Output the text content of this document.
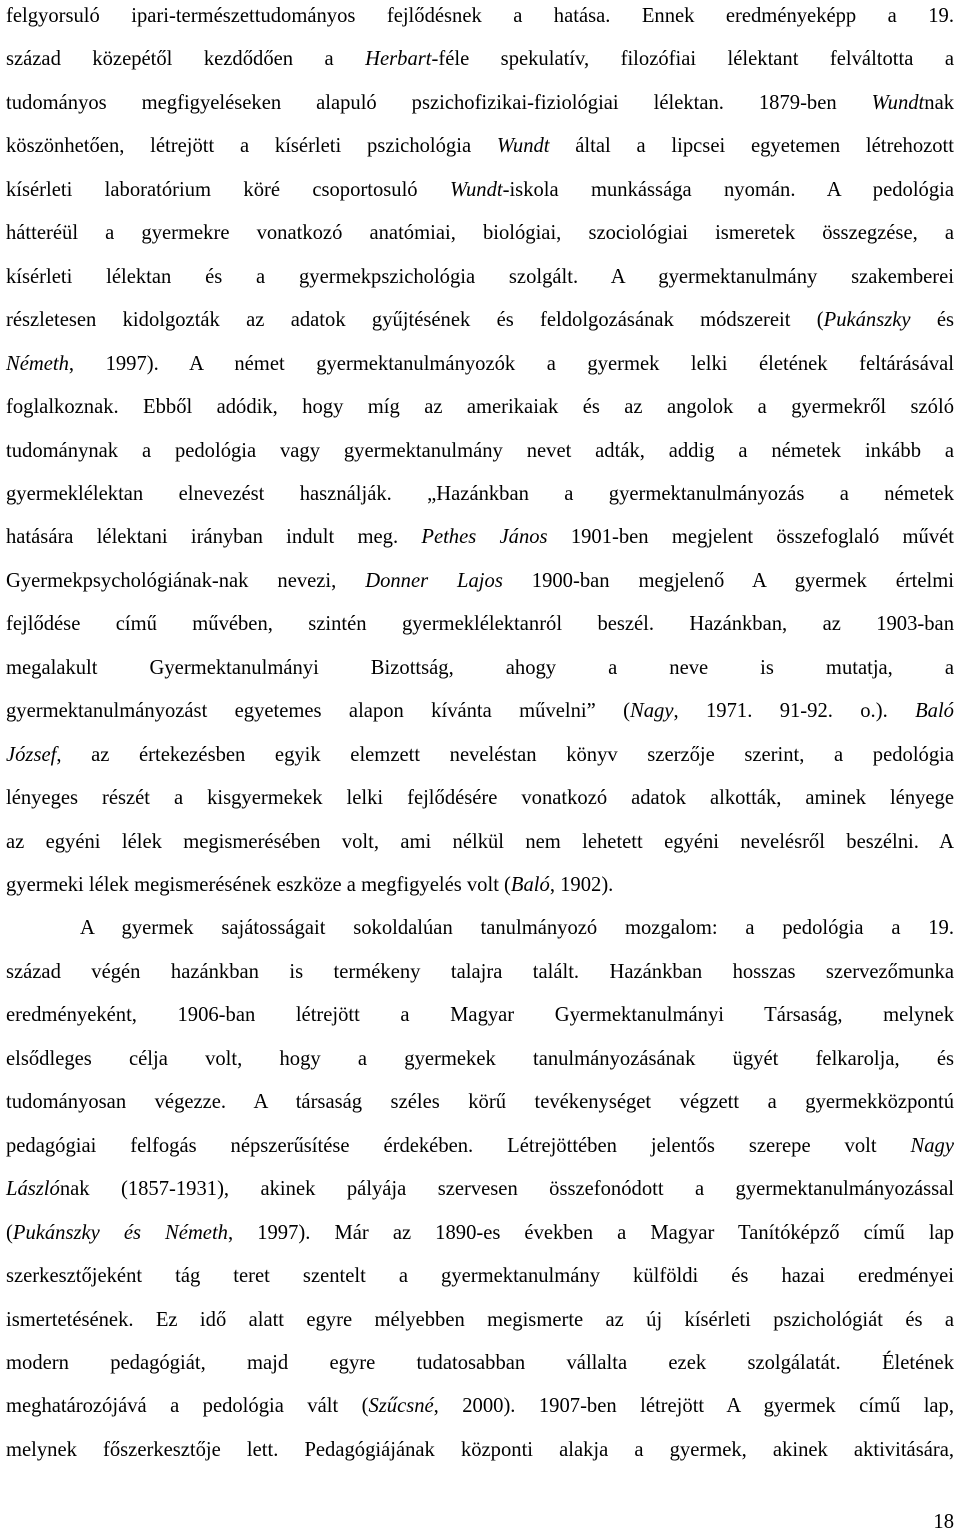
felgyorsuló ipari-természettudományos fejlődésnek a hatása. Ennek eredményeképp a 19.
század közepétől kezdődően a Herbart-féle spekulatív, filozófiai lélektant felváltotta a
tudományos megfigyeléseken alapuló pszichofizikai-fiziológiai lélektan. 1879-ben Wundtnak
köszönhetően, létrejött a kísérleti pszichológia Wundt által a lipcsei egyetemen létrehozott
kísérleti laboratórium köré csoportosuló Wundt-iskola munkássága nyomán. A pedológia
hátteréül a gyermekre vonatkozó anatómiai, biológiai, szociológiai ismeretek összegzése, a
kísérleti lélektan és a gyermekpszichológia szolgált. A gyermektanulmány szakemberei
részletesen kidolgozták az adatok gyűjtésének és feldolgozásának módszereit (Pukánszky és
Németh, 1997). A német gyermektanulmányozók a gyermek lelki életének feltárásával
foglalkoznak. Ebből adódik, hogy míg az amerikaiak és az angolok a gyermekről szóló
tudománynak a pedológia vagy gyermektanulmány nevet adták, addig a németek inkább a
gyermeklélektan elnevezést használják. „Hazánkban a gyermektanulmányozás a németek
hatására lélektani irányban indult meg. Pethes János 1901-ben megjelent összefoglaló művét
Gyermekpsychológiának-nak nevezi, Donner Lajos 1900-ban megjelenő A gyermek értelmi
fejlődése című művében, szintén gyermeklélektanról beszél. Hazánkban, az 1903-ban
megalakult Gyermektanulmányi Bizottság, ahogy a neve is mutatja, a
gyermektanulmányozást egyetemes alapon kívánta művelni” (Nagy, 1971. 91-92. o.). Baló
József, az értekezésben egyik elemzett neveléstan könyv szerzője szerint, a pedológia
lényeges részét a kisgyermekek lelki fejlődésére vonatkozó adatok alkották, aminek lényege
az egyéni lélek megismerésében volt, ami nélkül nem lehetett egyéni nevelésről beszélni. A
gyermeki lélek megismerésének eszköze a megfigyelés volt (Baló, 1902).
A gyermek sajátosságait sokoldalúan tanulmányozó mozgalom: a pedológia a 19.
század végén hazánkban is termékeny talajra talált. Hazánkban hosszas szervezőmunka
eredményeként, 1906-ban létrejött a Magyar Gyermektanulmányi Társaság, melynek
elsődleges célja volt, hogy a gyermekek tanulmányozásának ügyét felkarolja, és
tudományosan végezze. A társaság széles körű tevékenységet végzett a gyermekközpontú
pedagógiai felfogás népszerűsítése érdekében. Létrejöttében jelentős szerepe volt Nagy
Lászlónak (1857-1931), akinek pályája szervesen összefonódott a gyermektanulmányozással
(Pukánszky és Németh, 1997). Már az 1890-es években a Magyar Tanítóképző című lap
szerkesztőjeként tág teret szentelt a gyermektanulmány külföldi és hazai eredményei
ismertetésének. Ez idő alatt egyre mélyebben megismerte az új kísérleti pszichológiát és a
modern pedagógiát, majd egyre tudatosabban vállalta ezek szolgálatát. Életének
meghatározójává a pedológia vált (Szűcsné, 2000). 1907-ben létrejött A gyermek című lap,
melynek főszerkesztője lett. Pedagógiájának központi alakja a gyermek, akinek aktivitására,
18
